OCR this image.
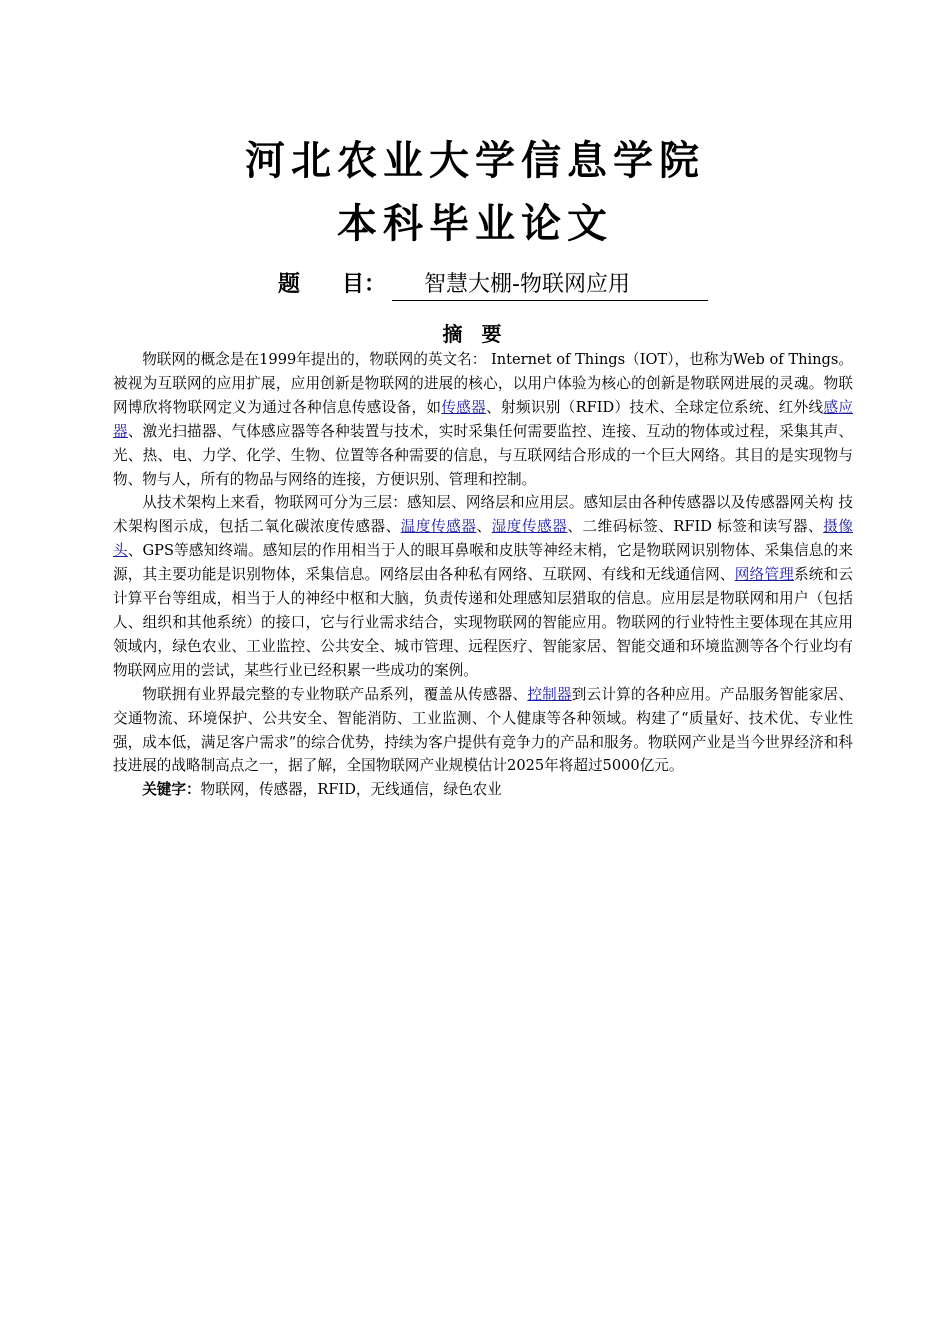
河北农业大学信息学院
本科毕业论文
题 目：	智慧大棚-物联网应用
摘 要

物联网的概念是在1999年提出的，物联网的英文名： Internet of Things（IOT），也称为Web of Things。被视为互联网的应用扩展，应用创新是物联网的进展的核心，以用户体验为核心的创新是物联网进展的灵魂。物联网博欣将物联网定义为通过各种信息传感设备，如传感器、射频识别（RFID）技术、全球定位系统、红外线感应器、激光扫描器、气体感应器等各种装置与技术，实时采集任何需要监控、连接、互动的物体或过程，采集其声、光、热、电、力学、化学、生物、位置等各种需要的信息，与互联网结合形成的一个巨大网络。其目的是实现物与物、物与人，所有的物品与网络的连接，方便识别、管理和控制。

从技术架构上来看，物联网可分为三层：感知层、网络层和应用层。感知层由各种传感器以及传感器网关构 技术架构图示成，包括二氧化碳浓度传感器、温度传感器、湿度传感器、二维码标签、RFID 标签和读写器、摄像头、GPS等感知终端。感知层的作用相当于人的眼耳鼻喉和皮肤等神经末梢，它是物联网识别物体、采集信息的来源，其主要功能是识别物体，采集信息。网络层由各种私有网络、互联网、有线和无线通信网、网络管理系统和云计算平台等组成，相当于人的神经中枢和大脑，负责传递和处理感知层猎取的信息。应用层是物联网和用户（包括人、组织和其他系统）的接口，它与行业需求结合，实现物联网的智能应用。物联网的行业特性主要体现在其应用领域内，绿色农业、工业监控、公共安全、城市管理、远程医疗、智能家居、智能交通和环境监测等各个行业均有物联网应用的尝试，某些行业已经积累一些成功的案例。

物联拥有业界最完整的专业物联产品系列，覆盖从传感器、控制器到云计算的各种应用。产品服务智能家居、交通物流、环境保护、公共安全、智能消防、工业监测、个人健康等各种领域。构建了“质量好、技术优、专业性强，成本低，满足客户需求”的综合优势，持续为客户提供有竞争力的产品和服务。物联网产业是当今世界经济和科技进展的战略制高点之一，据了解，全国物联网产业规模估计2025年将超过5000亿元。

关键字：物联网，传感器，RFID，无线通信，绿色农业
